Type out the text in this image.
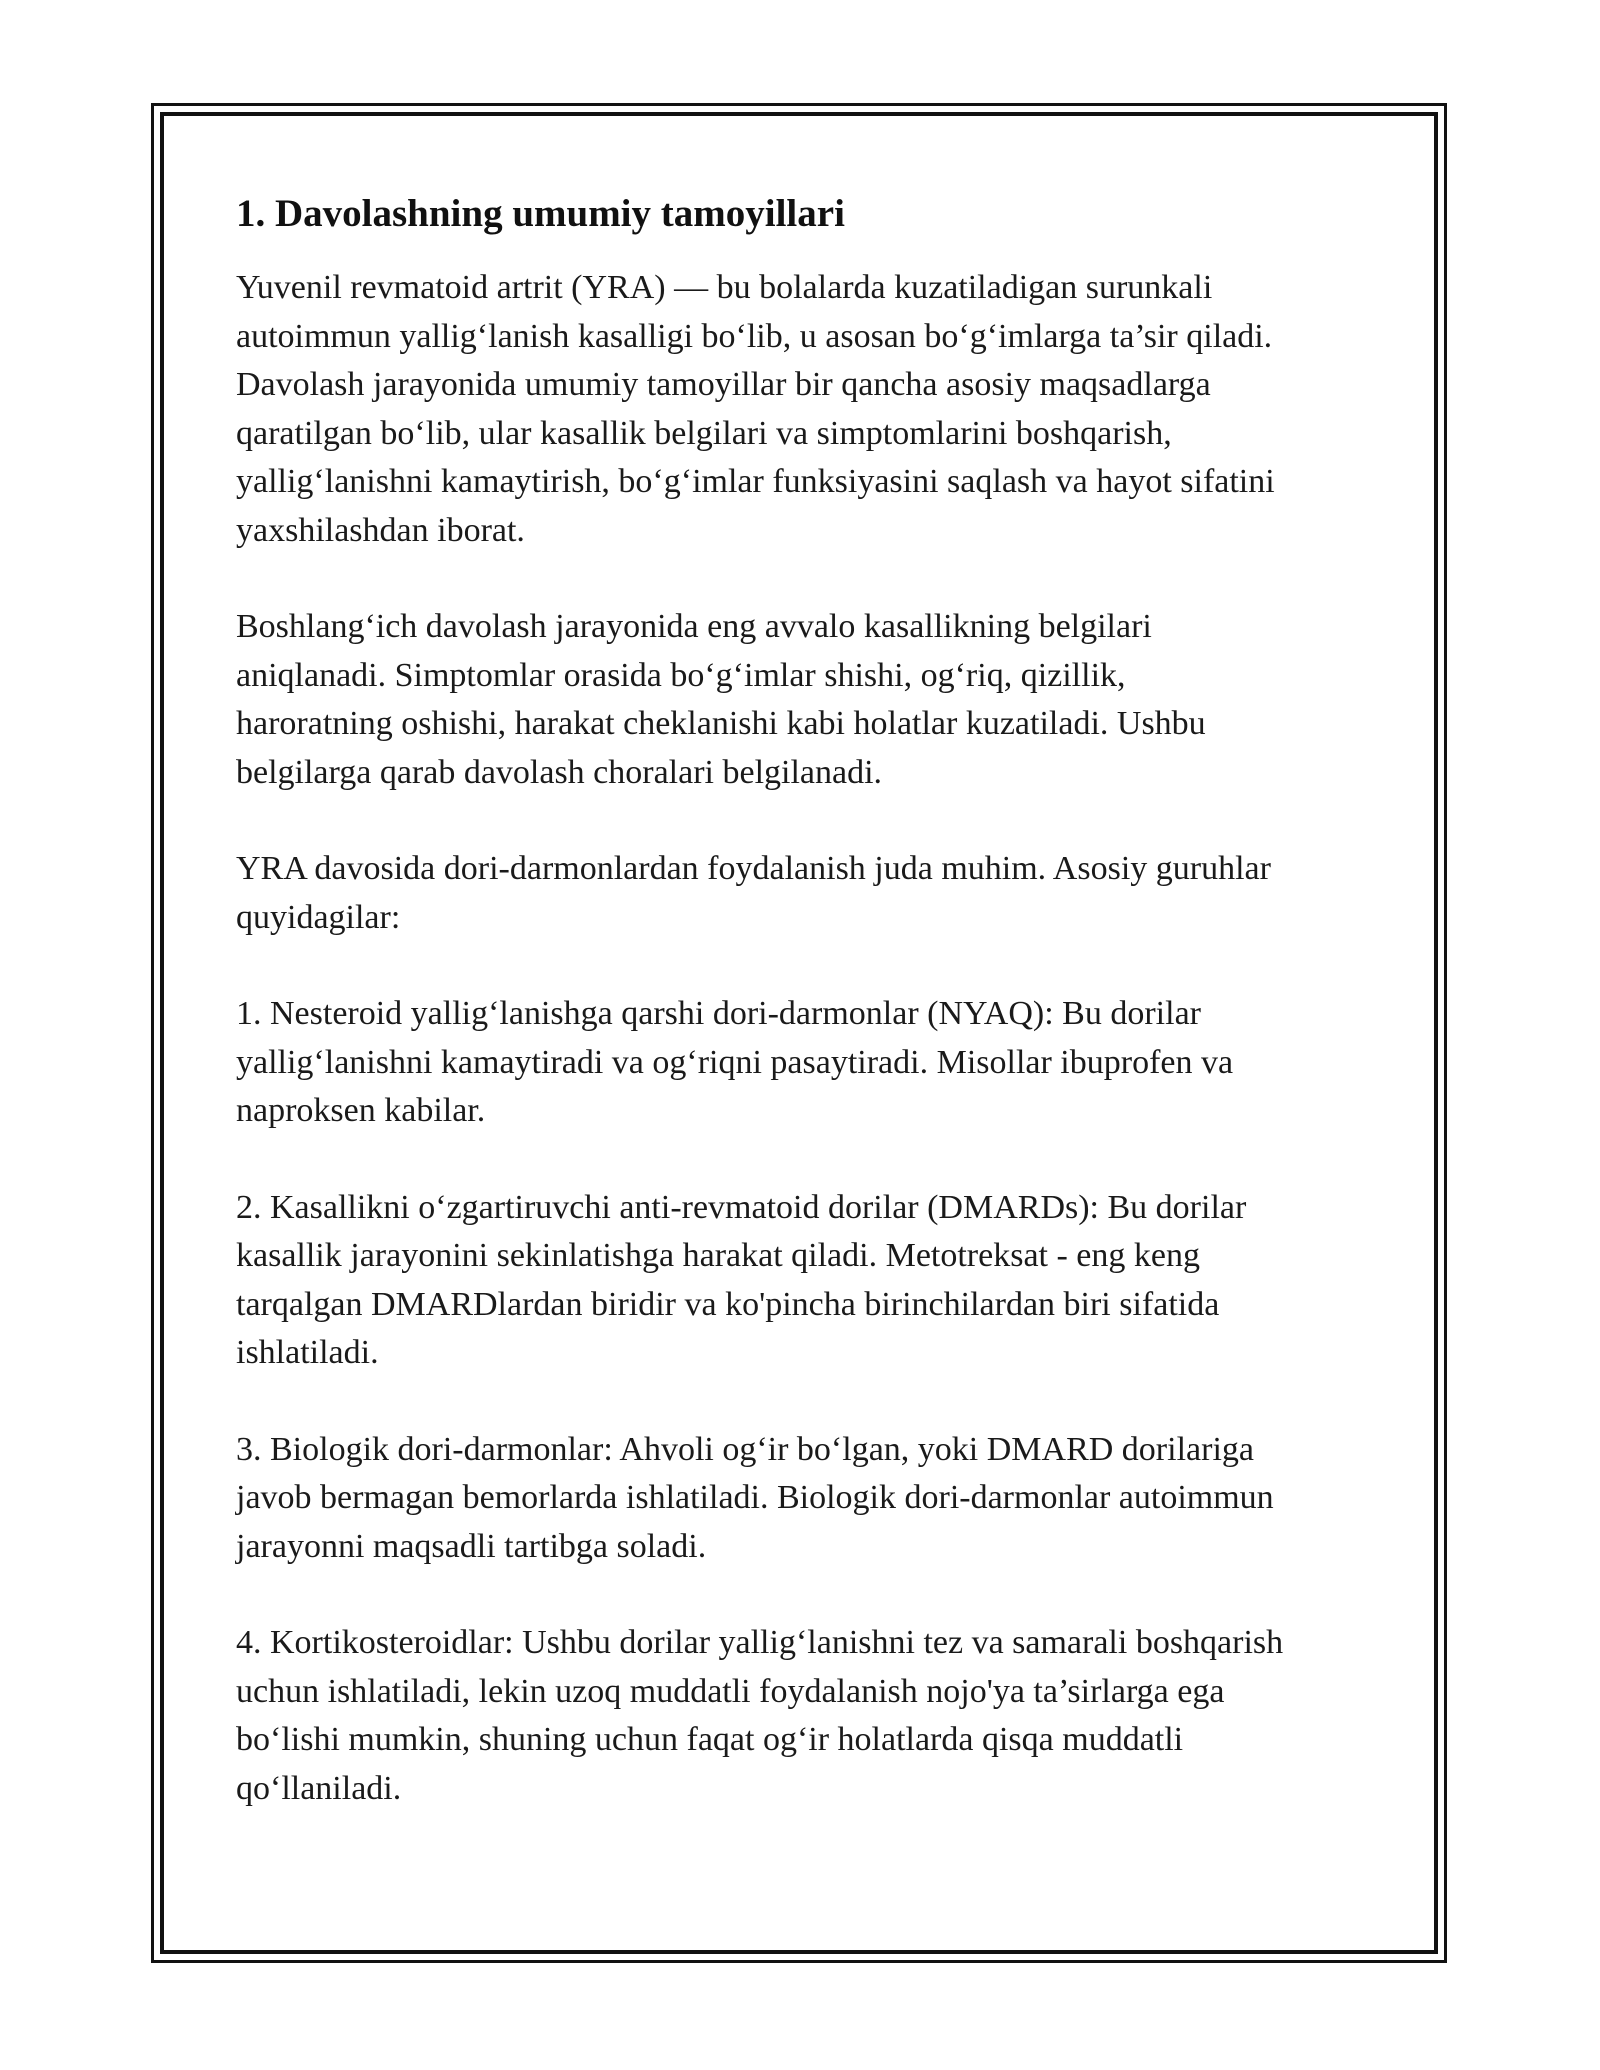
1. Davolashning umumiy tamoyillari

Yuvenil revmatoid artrit (YRA) — bu bolalarda kuzatiladigan surunkali
autoimmun yallig‘lanish kasalligi bo‘lib, u asosan bo‘g‘imlarga ta’sir qiladi.
Davolash jarayonida umumiy tamoyillar bir qancha asosiy maqsadlarga
qaratilgan bo‘lib, ular kasallik belgilari va simptomlarini boshqarish,
yallig‘lanishni kamaytirish, bo‘g‘imlar funksiyasini saqlash va hayot sifatini
yaxshilashdan iborat.

Boshlang‘ich davolash jarayonida eng avvalo kasallikning belgilari
aniqlanadi. Simptomlar orasida bo‘g‘imlar shishi, og‘riq, qizillik,
haroratning oshishi, harakat cheklanishi kabi holatlar kuzatiladi. Ushbu
belgilarga qarab davolash choralari belgilanadi.

YRA davosida dori-darmonlardan foydalanish juda muhim. Asosiy guruhlar
quyidagilar:

1. Nesteroid yallig‘lanishga qarshi dori-darmonlar (NYAQ): Bu dorilar
yallig‘lanishni kamaytiradi va og‘riqni pasaytiradi. Misollar ibuprofen va
naproksen kabilar.

2. Kasallikni o‘zgartiruvchi anti-revmatoid dorilar (DMARDs): Bu dorilar
kasallik jarayonini sekinlatishga harakat qiladi. Metotreksat - eng keng
tarqalgan DMARDlardan biridir va ko'pincha birinchilardan biri sifatida
ishlatiladi.

3. Biologik dori-darmonlar: Ahvoli og‘ir bo‘lgan, yoki DMARD dorilariga
javob bermagan bemorlarda ishlatiladi. Biologik dori-darmonlar autoimmun
jarayonni maqsadli tartibga soladi.

4. Kortikosteroidlar: Ushbu dorilar yallig‘lanishni tez va samarali boshqarish
uchun ishlatiladi, lekin uzoq muddatli foydalanish nojo'ya ta’sirlarga ega
bo‘lishi mumkin, shuning uchun faqat og‘ir holatlarda qisqa muddatli
qo‘llaniladi.
